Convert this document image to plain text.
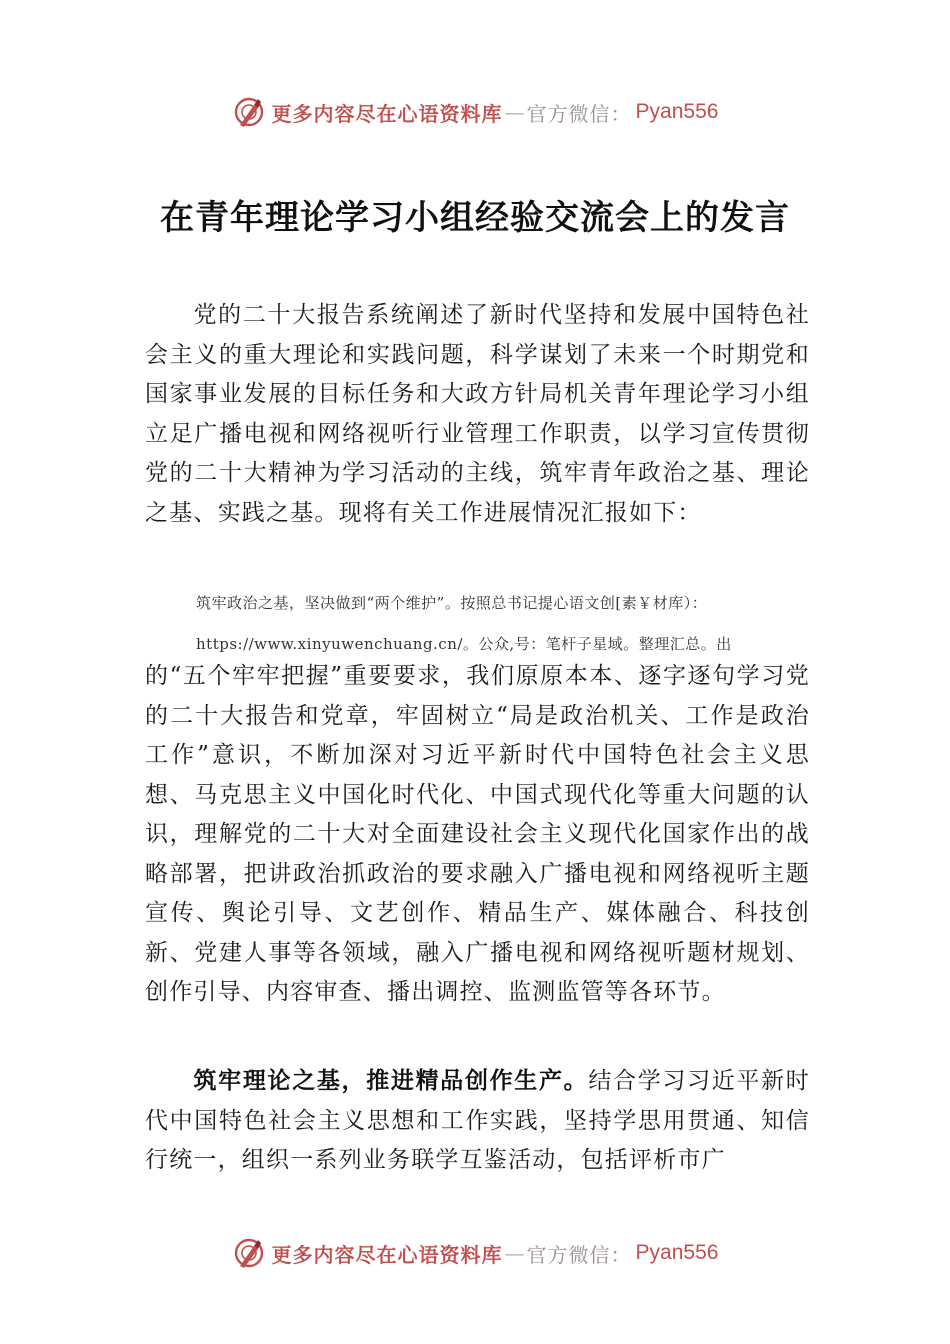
更多内容尽在心语资料库 — 官方微信： Pyan556
在青年理论学习小组经验交流会上的发言
党的二十大报告系统阐述了新时代坚持和发展中国特色社会主义的重大理论和实践问题，科学谋划了未来一个时期党和国家事业发展的目标任务和大政方针局机关青年理论学习小组立足广播电视和网络视听行业管理工作职责，以学习宣传贯彻党的二十大精神为学习活动的主线，筑牢青年政治之基、理论之基、实践之基。现将有关工作进展情况汇报如下：
筑牢政治之基，坚决做到“两个维护”。按照总书记提心语文创[素￥材库）：
https://www.xinyuwenchuang.cn/。公众,号：笔杆子星域。整理汇总。出
的“五个牢牢把握”重要要求，我们原原本本、逐字逐句学习党的二十大报告和党章，牢固树立“局是政治机关、工作是政治工作”意识，不断加深对习近平新时代中国特色社会主义思想、马克思主义中国化时代化、中国式现代化等重大问题的认识，理解党的二十大对全面建设社会主义现代化国家作出的战略部署，把讲政治抓政治的要求融入广播电视和网络视听主题宣传、舆论引导、文艺创作、精品生产、媒体融合、科技创新、党建人事等各领域，融入广播电视和网络视听题材规划、创作引导、内容审查、播出调控、监测监管等各环节。
筑牢理论之基，推进精品创作生产。结合学习习近平新时代中国特色社会主义思想和工作实践，坚持学思用贯通、知信行统一，组织一系列业务联学互鉴活动，包括评析市广
更多内容尽在心语资料库 — 官方微信： Pyan556
